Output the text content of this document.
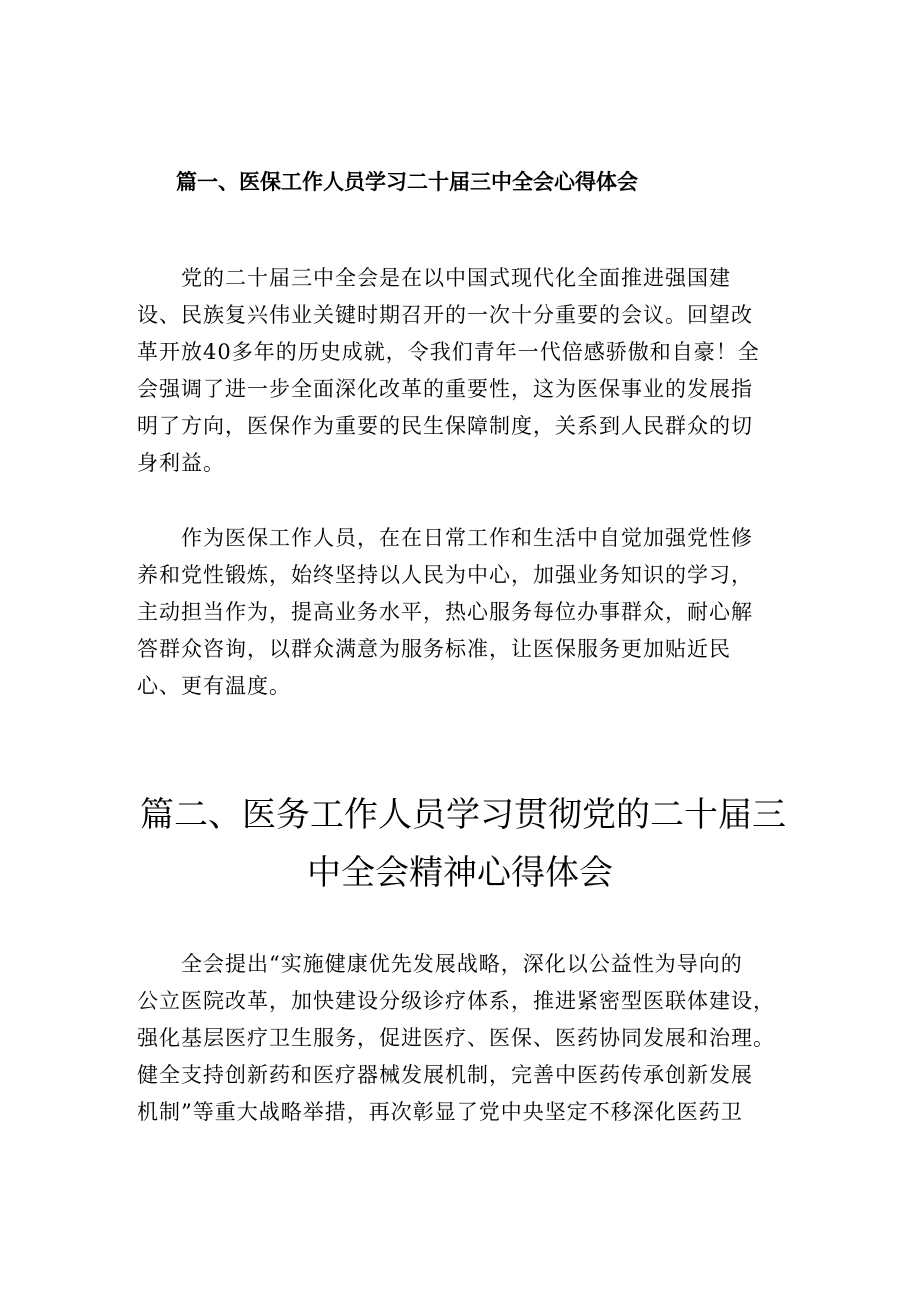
篇一、医保工作人员学习二十届三中全会心得体会
党的二十届三中全会是在以中国式现代化全面推进强国建
设、民族复兴伟业关键时期召开的一次十分重要的会议。回望改
革开放40多年的历史成就，令我们青年一代倍感骄傲和自豪！全
会强调了进一步全面深化改革的重要性，这为医保事业的发展指
明了方向，医保作为重要的民生保障制度，关系到人民群众的切
身利益。
作为医保工作人员，在在日常工作和生活中自觉加强党性修
养和党性锻炼，始终坚持以人民为中心，加强业务知识的学习，
主动担当作为，提高业务水平，热心服务每位办事群众，耐心解
答群众咨询，以群众满意为服务标准，让医保服务更加贴近民
心、更有温度。
篇二、医务工作人员学习贯彻党的二十届三
中全会精神心得体会
全会提出“实施健康优先发展战略，深化以公益性为导向的
公立医院改革，加快建设分级诊疗体系，推进紧密型医联体建设，
强化基层医疗卫生服务，促进医疗、医保、医药协同发展和治理。
健全支持创新药和医疗器械发展机制，完善中医药传承创新发展
机制”等重大战略举措，再次彰显了党中央坚定不移深化医药卫
